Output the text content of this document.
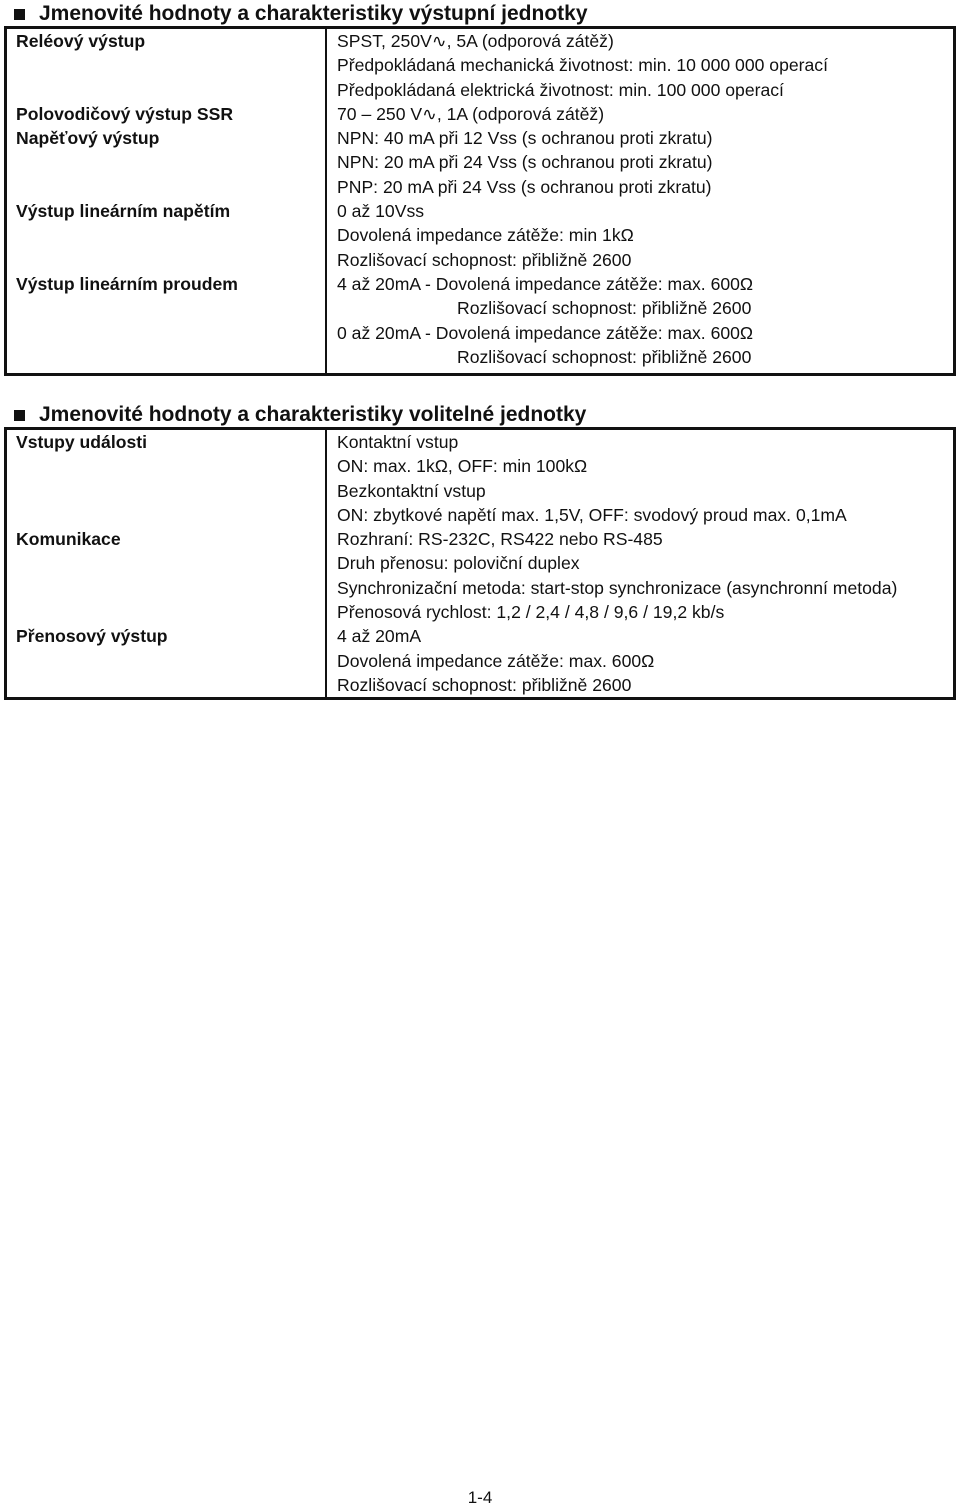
Jmenovité hodnoty a charakteristiky výstupní jednotky
Reléový výstup	SPST, 250V∿, 5A (odporová zátěž)
Předpokládaná mechanická životnost: min. 10 000 000 operací
Předpokládaná elektrická životnost: min. 100 000 operací

Polovodičový výstup SSR	70 – 250 V∿, 1A (odporová zátěž)

Napěťový výstup	NPN: 40 mA při 12 Vss (s ochranou proti zkratu)
NPN: 20 mA při 24 Vss (s ochranou proti zkratu)
PNP: 20 mA při 24 Vss (s ochranou proti zkratu)

Výstup lineárním napětím	0 až 10Vss
Dovolená impedance zátěže: min 1kΩ
Rozlišovací schopnost: přibližně 2600

Výstup lineárním proudem	4 až 20mA - Dovolená impedance zátěže: max. 600Ω
Rozlišovací schopnost: přibližně 2600
0 až 20mA - Dovolená impedance zátěže: max. 600Ω
Rozlišovací schopnost: přibližně 2600

Jmenovité hodnoty a charakteristiky volitelné jednotky
Vstupy události	Kontaktní vstup
ON: max. 1kΩ, OFF: min 100kΩ
Bezkontaktní vstup
ON: zbytkové napětí max. 1,5V, OFF: svodový proud max. 0,1mA

Komunikace	Rozhraní: RS-232C, RS422 nebo RS-485
Druh přenosu: poloviční duplex
Synchronizační metoda: start-stop synchronizace (asynchronní metoda)
Přenosová rychlost: 1,2 / 2,4 / 4,8 / 9,6 / 19,2 kb/s

Přenosový výstup	4 až 20mA
Dovolená impedance zátěže: max. 600Ω
Rozlišovací schopnost: přibližně 2600
1-4
